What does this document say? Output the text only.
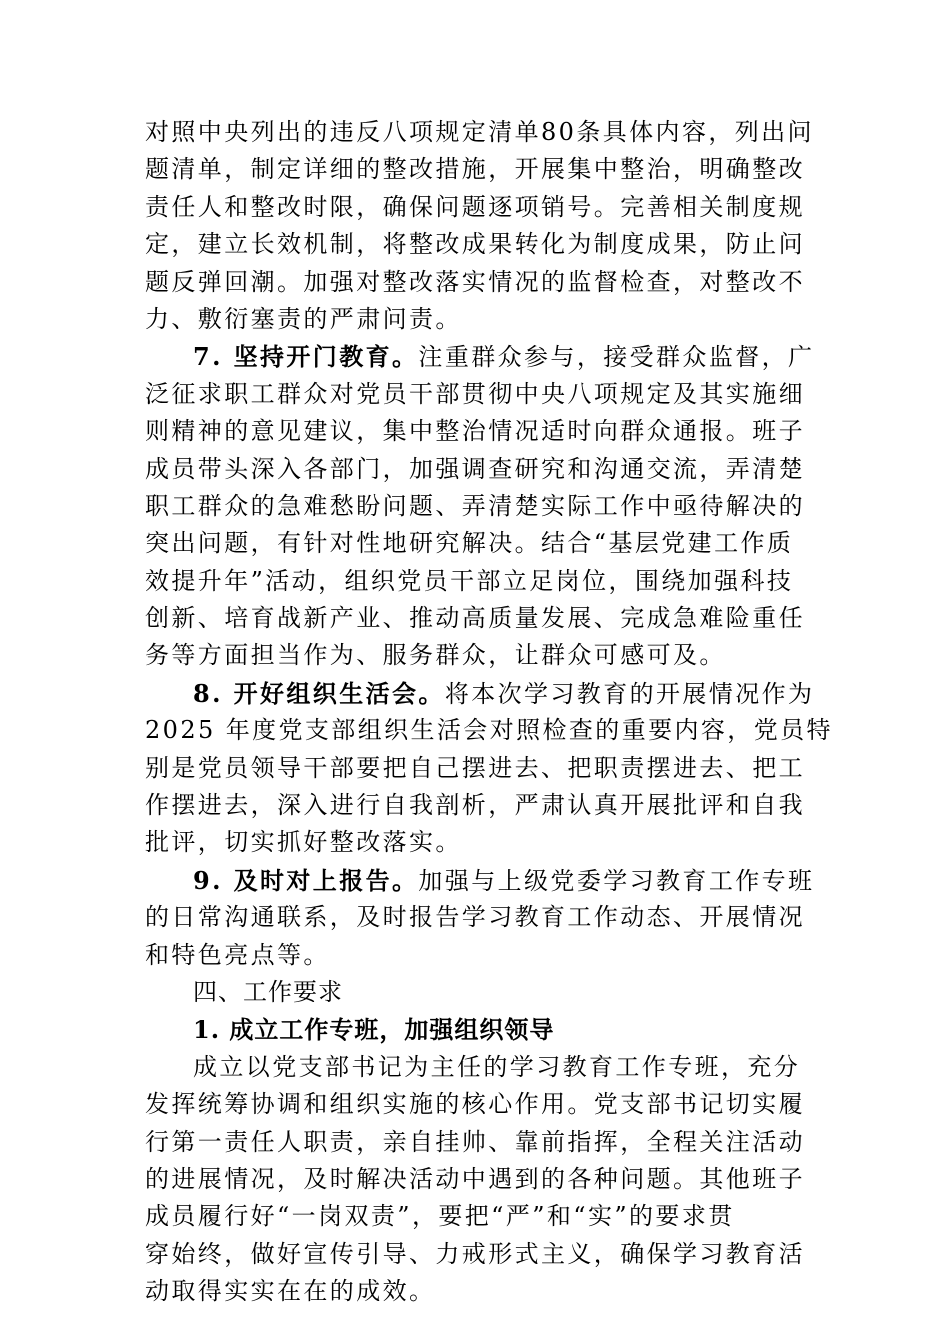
对照中央列出的违反八项规定清单80条具体内容，列出问
题清单，制定详细的整改措施，开展集中整治，明确整改
责任人和整改时限，确保问题逐项销号。完善相关制度规
定，建立长效机制，将整改成果转化为制度成果，防止问
题反弹回潮。加强对整改落实情况的监督检查，对整改不
力、敷衍塞责的严肃问责。
7. 坚持开门教育。注重群众参与，接受群众监督，广
泛征求职工群众对党员干部贯彻中央八项规定及其实施细
则精神的意见建议，集中整治情况适时向群众通报。班子
成员带头深入各部门，加强调查研究和沟通交流，弄清楚
职工群众的急难愁盼问题、弄清楚实际工作中亟待解决的
突出问题，有针对性地研究解决。结合“基层党建工作质
效提升年”活动，组织党员干部立足岗位，围绕加强科技
创新、培育战新产业、推动高质量发展、完成急难险重任
务等方面担当作为、服务群众，让群众可感可及。
8. 开好组织生活会。将本次学习教育的开展情况作为
2025 年度党支部组织生活会对照检查的重要内容，党员特
别是党员领导干部要把自己摆进去、把职责摆进去、把工
作摆进去，深入进行自我剖析，严肃认真开展批评和自我
批评，切实抓好整改落实。
9. 及时对上报告。加强与上级党委学习教育工作专班
的日常沟通联系，及时报告学习教育工作动态、开展情况
和特色亮点等。
四、工作要求
1. 成立工作专班，加强组织领导
成立以党支部书记为主任的学习教育工作专班，充分
发挥统筹协调和组织实施的核心作用。党支部书记切实履
行第一责任人职责，亲自挂帅、靠前指挥，全程关注活动
的进展情况，及时解决活动中遇到的各种问题。其他班子
成员履行好“一岗双责”，要把“严”和“实”的要求贯
穿始终，做好宣传引导、力戒形式主义，确保学习教育活
动取得实实在在的成效。
